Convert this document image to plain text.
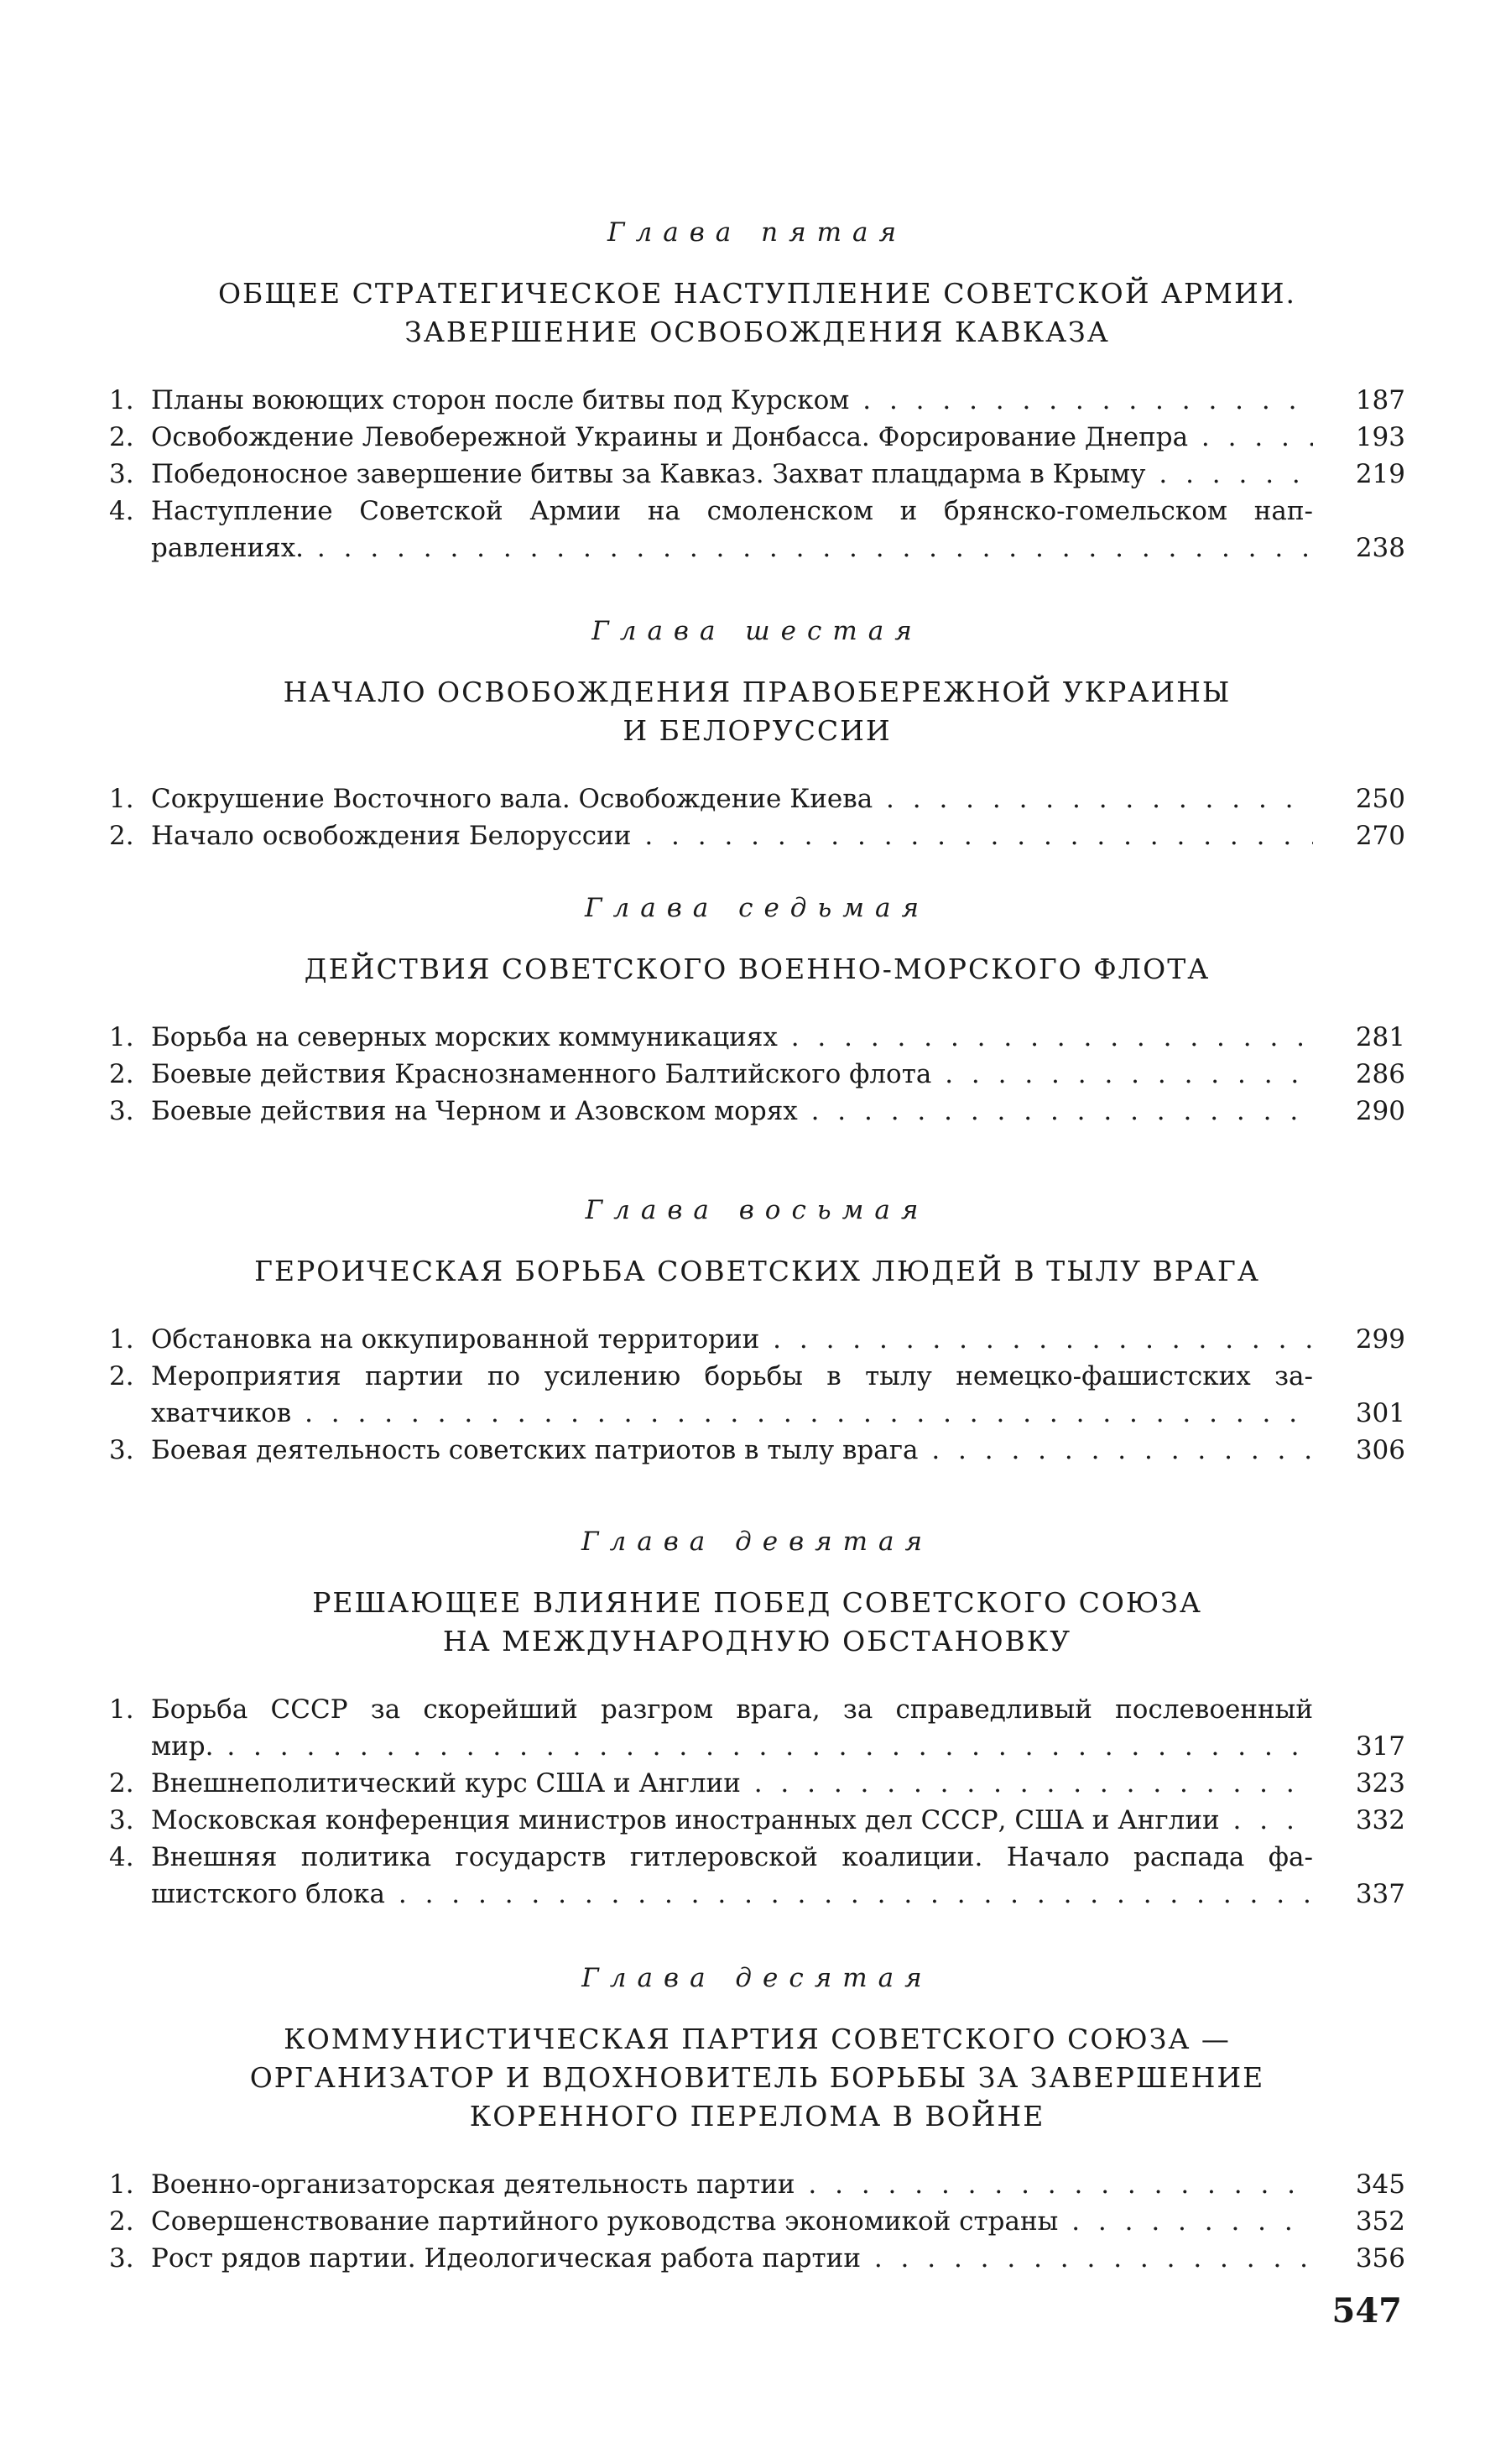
Глава пятая

ОБЩЕЕ СТРАТЕГИЧЕСКОЕ НАСТУПЛЕНИЕ СОВЕТСКОЙ АРМИИ.

ЗАВЕРШЕНИЕ ОСВОБОЖДЕНИЯ КАВКАЗА

1. Планы воюющих сторон после битвы под Курском . . .	187
2. Освобождение Левобережной Украины и Донбасса. Форсирование Днепра . . .	193
3. Победоносное завершение битвы за Кавказ. Захват плацдарма в Крыму . . .	219
4. Наступление Советской Армии на смоленском и брянско-гомельском нап-
равлениях. . . .	238

Глава шестая

НАЧАЛО ОСВОБОЖДЕНИЯ ПРАВОБЕРЕЖНОЙ УКРАИНЫ

И БЕЛОРУССИИ

1. Сокрушение Восточного вала. Освобождение Киева . . .	250
2. Начало освобождения Белоруссии . . .	270

Глава седьмая

ДЕЙСТВИЯ СОВЕТСКОГО ВОЕННО-МОРСКОГО ФЛОТА

1. Борьба на северных морских коммуникациях . . .	281
2. Боевые действия Краснознаменного Балтийского флота . . .	286
3. Боевые действия на Черном и Азовском морях . . .	290

Глава восьмая

ГЕРОИЧЕСКАЯ БОРЬБА СОВЕТСКИХ ЛЮДЕЙ В ТЫЛУ ВРАГА

1. Обстановка на оккупированной территории . . .	299
2. Мероприятия партии по усилению борьбы в тылу немецко-фашистских за-
хватчиков . . .	301
3. Боевая деятельность советских патриотов в тылу врага . . .	306

Глава девятая

РЕШАЮЩЕЕ ВЛИЯНИЕ ПОБЕД СОВЕТСКОГО СОЮЗА

НА МЕЖДУНАРОДНУЮ ОБСТАНОВКУ

1. Борьба СССР за скорейший разгром врага, за справедливый послевоенный
мир. . . .	317
2. Внешнеполитический курс США и Англии . . .	323
3. Московская конференция министров иностранных дел СССР, США и Англии . . .	332
4. Внешняя политика государств гитлеровской коалиции. Начало распада фа-
шистского блока . . .	337

Глава десятая

КОММУНИСТИЧЕСКАЯ ПАРТИЯ СОВЕТСКОГО СОЮЗА —

ОРГАНИЗАТОР И ВДОХНОВИТЕЛЬ БОРЬБЫ ЗА ЗАВЕРШЕНИЕ

КОРЕННОГО ПЕРЕЛОМА В ВОЙНЕ

1. Военно-организаторская деятельность партии . . .	345
2. Совершенствование партийного руководства экономикой страны . . .	352
3. Рост рядов партии. Идеологическая работа партии . . .	356
547
